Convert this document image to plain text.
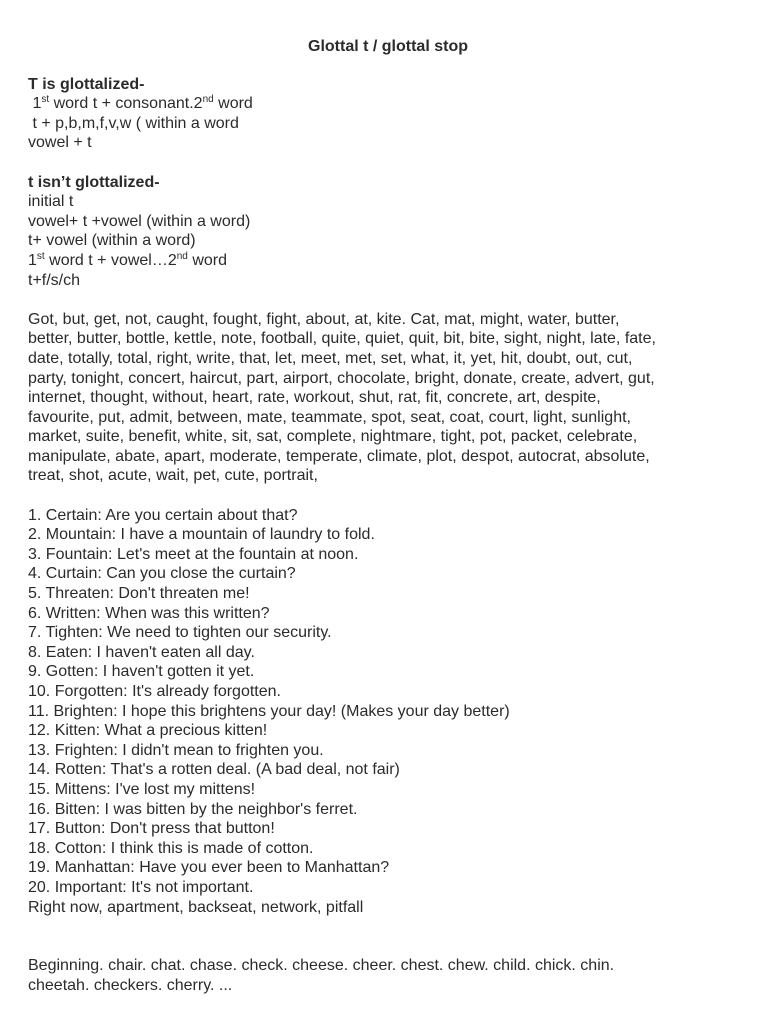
Glottal t / glottal stop
T is glottalized-
1st word t + consonant.2nd word
t + p,b,m,f,v,w ( within a word
vowel + t
t isn’t glottalized-
initial t
vowel+ t +vowel (within a word)
t+ vowel (within a word)
1st word t + vowel…2nd word
t+f/s/ch
Got, but, get, not, caught, fought, fight, about, at, kite. Cat, mat, might, water, butter,
better, butter, bottle, kettle, note, football, quite, quiet, quit, bit, bite, sight, night, late, fate,
date, totally, total, right, write, that, let, meet, met, set, what, it, yet, hit, doubt, out, cut,
party, tonight, concert, haircut, part, airport, chocolate, bright, donate, create, advert, gut,
internet, thought, without, heart, rate, workout, shut, rat, fit, concrete, art, despite,
favourite, put, admit, between, mate, teammate, spot, seat, coat, court, light, sunlight,
market, suite, benefit, white, sit, sat, complete, nightmare, tight, pot, packet, celebrate,
manipulate, abate, apart, moderate, temperate, climate, plot, despot, autocrat, absolute,
treat, shot, acute, wait, pet, cute, portrait,
1. Certain: Are you certain about that?
2. Mountain: I have a mountain of laundry to fold.
3. Fountain: Let's meet at the fountain at noon.
4. Curtain: Can you close the curtain?
5. Threaten: Don't threaten me!
6. Written: When was this written?
7. Tighten: We need to tighten our security.
8. Eaten: I haven't eaten all day.
9. Gotten: I haven't gotten it yet.
10. Forgotten: It's already forgotten.
11. Brighten: I hope this brightens your day! (Makes your day better)
12. Kitten: What a precious kitten!
13. Frighten: I didn't mean to frighten you.
14. Rotten: That's a rotten deal. (A bad deal, not fair)
15. Mittens: I've lost my mittens!
16. Bitten: I was bitten by the neighbor's ferret.
17. Button: Don't press that button!
18. Cotton: I think this is made of cotton.
19. Manhattan: Have you ever been to Manhattan?
20. Important: It's not important.
Right now, apartment, backseat, network, pitfall
Beginning. chair. chat. chase. check. cheese. cheer. chest. chew. child. chick. chin.
cheetah. checkers. cherry. ...
